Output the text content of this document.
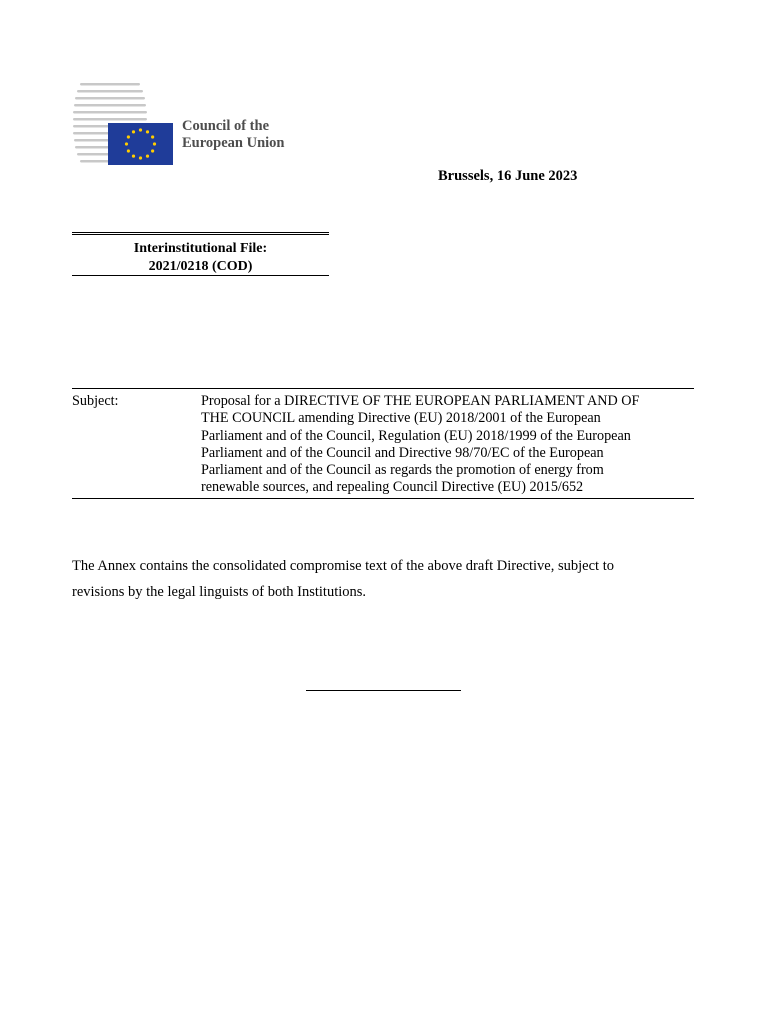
Council of the
European Union
Brussels, 16 June 2023
Interinstitutional File:
2021/0218 (COD)
Subject:	Proposal for a DIRECTIVE OF THE EUROPEAN PARLIAMENT AND OF
THE COUNCIL amending Directive (EU) 2018/2001 of the European
Parliament and of the Council, Regulation (EU) 2018/1999 of the European
Parliament and of the Council and Directive 98/70/EC of the European
Parliament and of the Council as regards the promotion of energy from
renewable sources, and repealing Council Directive (EU) 2015/652
The Annex contains the consolidated compromise text of the above draft Directive, subject to
revisions by the legal linguists of both Institutions.
